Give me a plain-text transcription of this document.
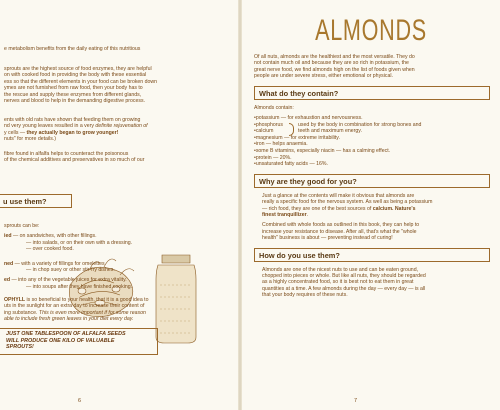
e metabolism benefits from the daily eating of this nutritious

sprouts are the highest source of food enzymes, they are helpful

on with cooked food in providing the body with these essential

ess so that the different elements in your food can be broken down

ymes are not furnished from raw food, then your body has to

the rescue and supply these enzymes from different glands,

nerves and blood to help in the demanding digestive process.

ents with old rats have shown that feeding them on growing

nd very young leaves resulted in a very definite rejuvenation of

y cells — they actually began to grow younger!

nuts" for more details.)

fibre found in alfalfa helps to counteract the poisonous

of the chemical additives and preservatives in so much of our

u use them?

sprouts can be:

ied — on sandwiches, with other fillings.

— into salads, or on their own with a dressing.

— over cooked food.

ned — with a variety of fillings for omelettes

— in chop suey or other stir-fry dishes.

ed — into any of the vegetable juices for extra vitality.

— into soups after they have finished cooking.

OPHYLL is so beneficial to your health, that it is a good idea to

uts in the sunlight for an extra day to increase their content of

ing substance. This is even more important if for some reason

able to include fresh green leaves in your diet every day.

JUST ONE TABLESPOON OF ALFALFA SEEDS
WILL PRODUCE ONE KILO OF VALUABLE
SPROUTS!
6
ALMONDS

Of all nuts, almonds are the healthiest and the most versatile. They do

not contain much oil and because they are so rich in potassium, the

great nerve food, we find almonds high on the list of foods given when

people are under severe stress, either emotional or physical.

What do they contain?

Almonds contain:

•potassium — for exhaustion and nervousness.
•phosphorus
•calcium
used by the body in combination for strong bones and
teeth and maximum energy.
•magnesium — for extreme irritability.
•iron — helps anaemia.
•some B vitamins, especially niacin — has a calming effect.
•protein — 20%.
•unsaturated fatty acids — 16%.
Why are they good for you?

Just a glance at the contents will make it obvious that almonds are

really a specific food for the nervous system. As well as being a potassium

— rich food, they are one of the best sources of calcium. Nature's

finest tranquillizer.

Combined with whole foods as outlined in this book, they can help to

increase your resistance to disease. After all, that's what the "whole

health" business is about — preventing instead of curing!

How do you use them?

Almonds are one of the nicest nuts to use and can be eaten ground,

chopped into pieces or whole. But like all nuts, they should be regarded

as a highly concentrated food, so it is best not to eat them in great

quantities at a time. A few almonds during the day — every day — is all

that your body requires of these nuts.

7
